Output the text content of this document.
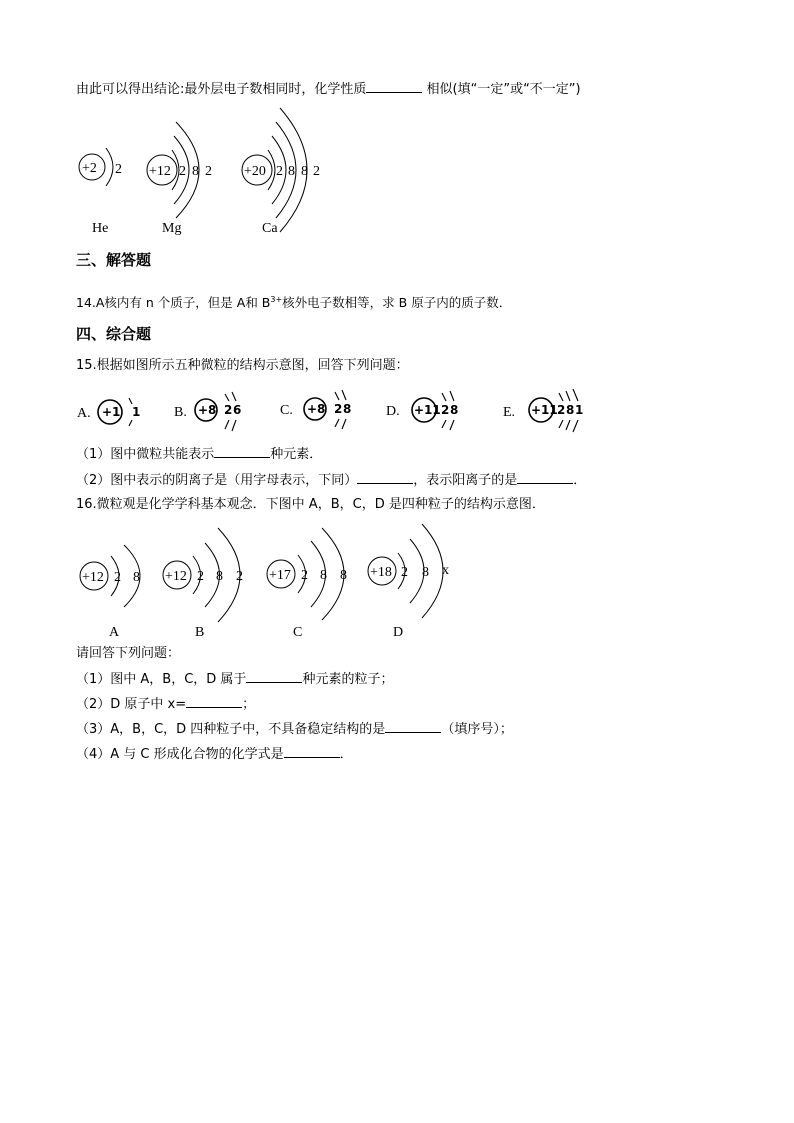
由此可以得出结论:最外层电子数相同时，化学性质	相似(填“一定”或“不一定”)
+2 2
He
+12 2 8 2
Mg
+20 2 8 8 2
Ca
三、解答题
14.A核内有 n 个质子，但是 A和 $B^{3+}$核外电子数相等，求 B 原子内的质子数．
四、综合题
15.根据如图所示五种微粒的结构示意图，回答下列问题：
A.	B.	C.	D.	E.
+1 1	+8 2 6	+8 2 8	+11 2 8	+11 2 8 1
（1）图中微粒共能表示	种元素．
（2）图中表示的阴离子是（用字母表示，下同）	，表示阳离子的是	．
16.微粒观是化学学科基本观念．下图中 A，B，C，D 是四种粒子的结构示意图．
+12 2 8
A
+12 2 8 2
B
+17 2 8 8
C
+18 2 8 x
D
请回答下列问题：
（1）图中 A，B，C，D 属于	种元素的粒子；
（2）D 原子中 x=	；
（3）A，B，C，D 四种粒子中，不具备稳定结构的是	（填序号）；
（4）A 与 C 形成化合物的化学式是	．
